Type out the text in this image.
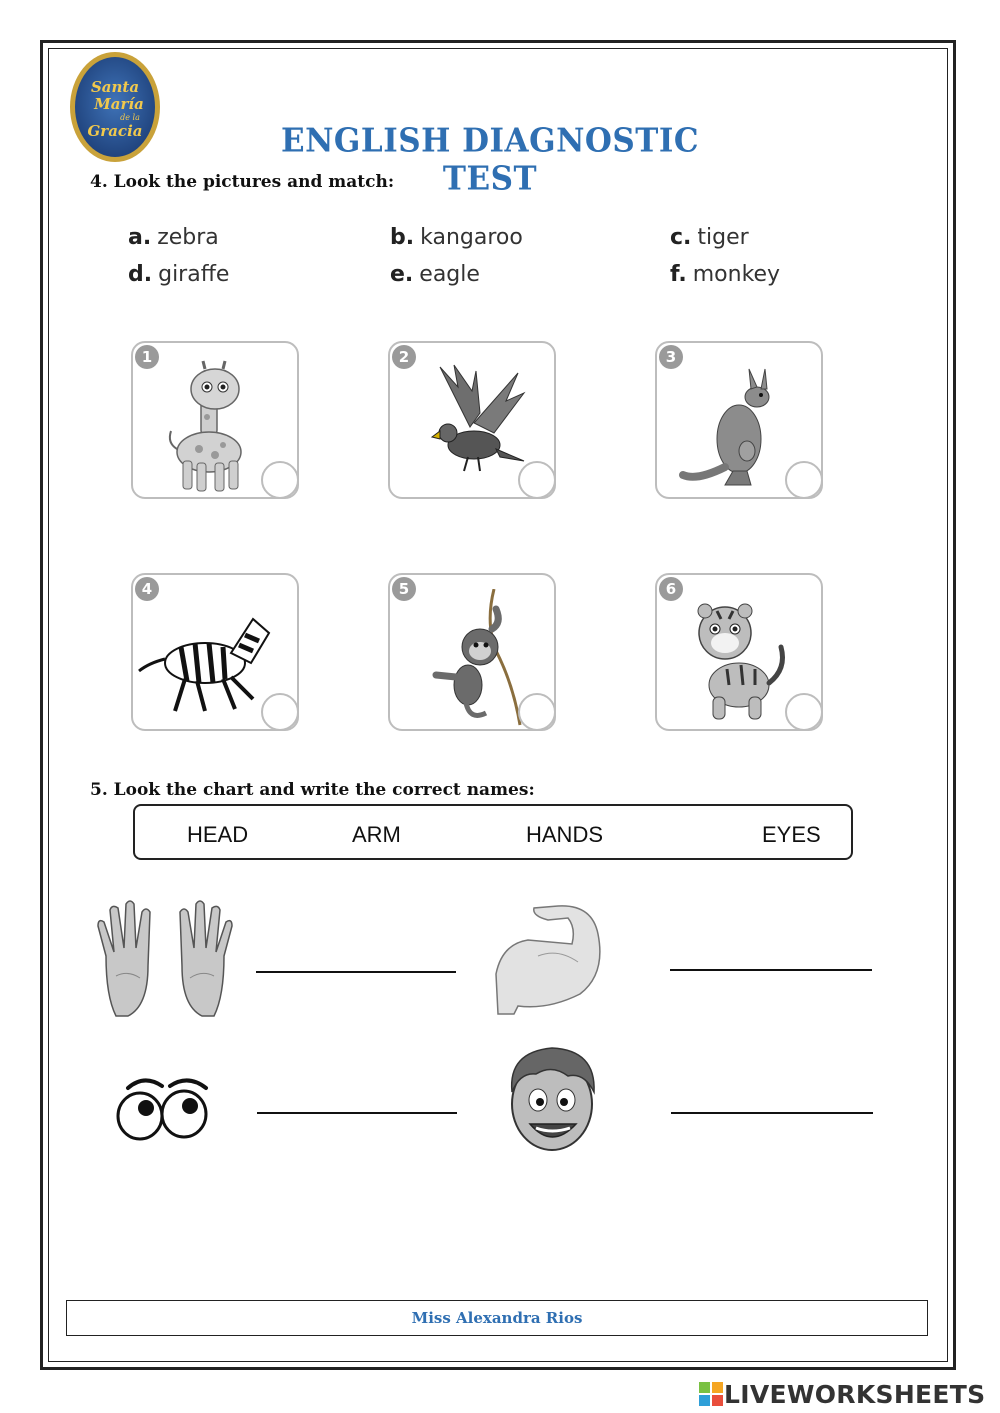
Santa
María
de la
Gracia	ENGLISH DIAGNOSTIC TEST
4. Look the pictures and match:
a. zebra	b. kangaroo	c. tiger
d. giraffe	e. eagle	f. monkey
1	2	3
4	5	6
5. Look the chart and write the correct names:
HEAD	ARM	HANDS	EYES
Miss Alexandra Rios
LIVEWORKSHEETS
